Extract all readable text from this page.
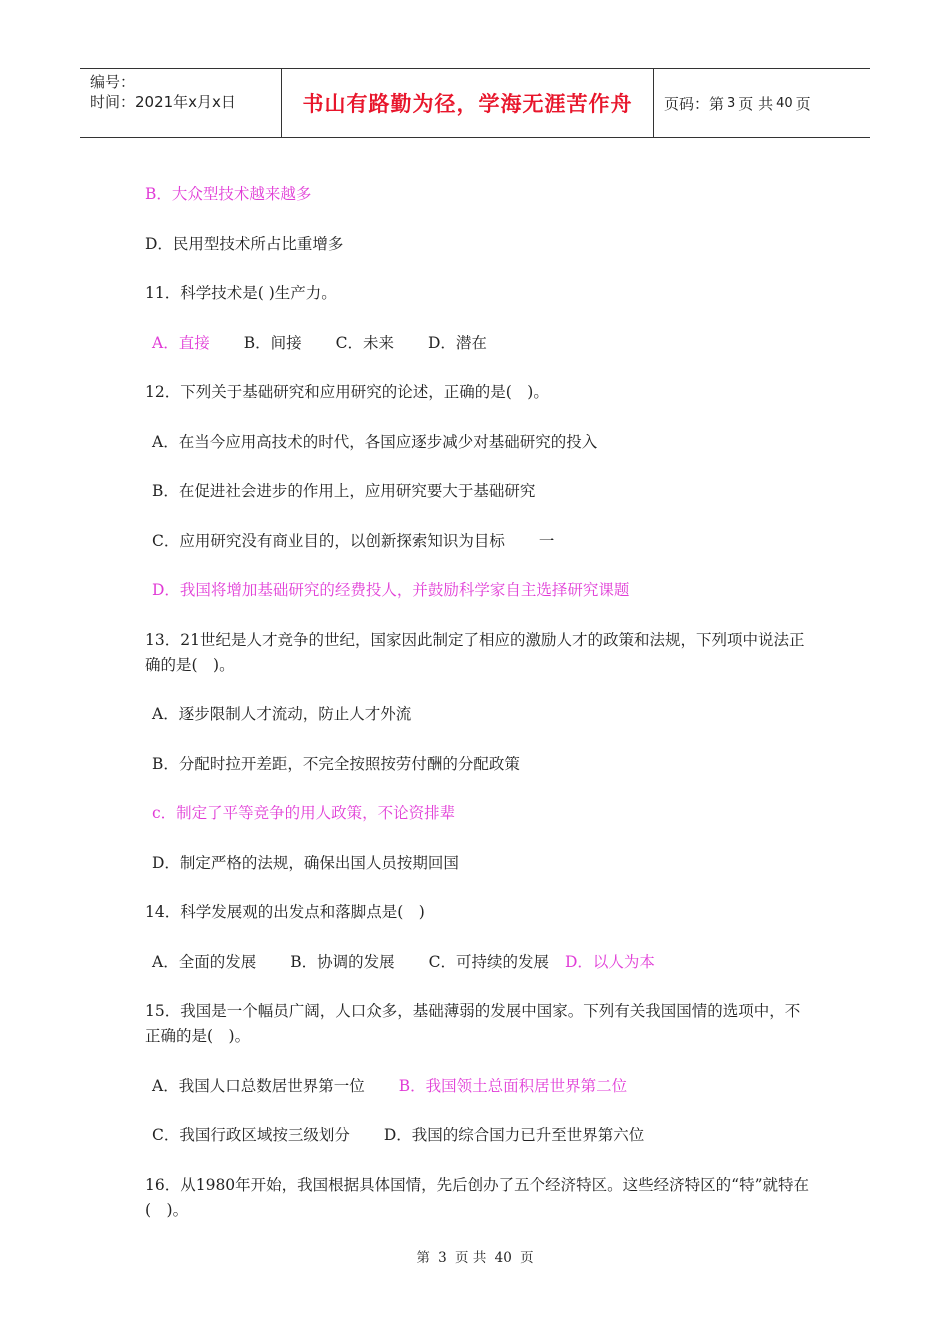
编号：
时间：2021年x月x日	书山有路勤为径，学海无涯苦作舟	页码：第 3 页 共 40 页
B．大众型技术越来越多
D．民用型技术所占比重增多
11．科学技术是( )生产力。
A．直接 B．间接 C．未来 D．潜在
12．下列关于基础研究和应用研究的论述，正确的是(　)。
A．在当今应用高技术的时代，各国应逐步减少对基础研究的投入
B．在促进社会进步的作用上，应用研究要大于基础研究
C．应用研究没有商业目的，以创新探索知识为目标 一
D．我国将增加基础研究的经费投人，并鼓励科学家自主选择研究课题
13．21世纪是人才竞争的世纪，国家因此制定了相应的激励人才的政策和法规，下列项中说法正确的是(　)。
A．逐步限制人才流动，防止人才外流
B．分配时拉开差距，不完全按照按劳付酬的分配政策
c．制定了平等竞争的用人政策，不论资排辈
D．制定严格的法规，确保出国人员按期回国
14．科学发展观的出发点和落脚点是(　)
A．全面的发展 B．协调的发展 C．可持续的发展 D．以人为本
15．我国是一个幅员广阔，人口众多，基础薄弱的发展中国家。下列有关我国国情的选项中，不正确的是(　)。
A．我国人口总数居世界第一位 B．我国领土总面积居世界第二位
C．我国行政区域按三级划分 D．我国的综合国力已升至世界第六位
16．从1980年开始，我国根据具体国情，先后创办了五个经济特区。这些经济特区的“特”就特在(　)。
第 3 页 共 40 页
